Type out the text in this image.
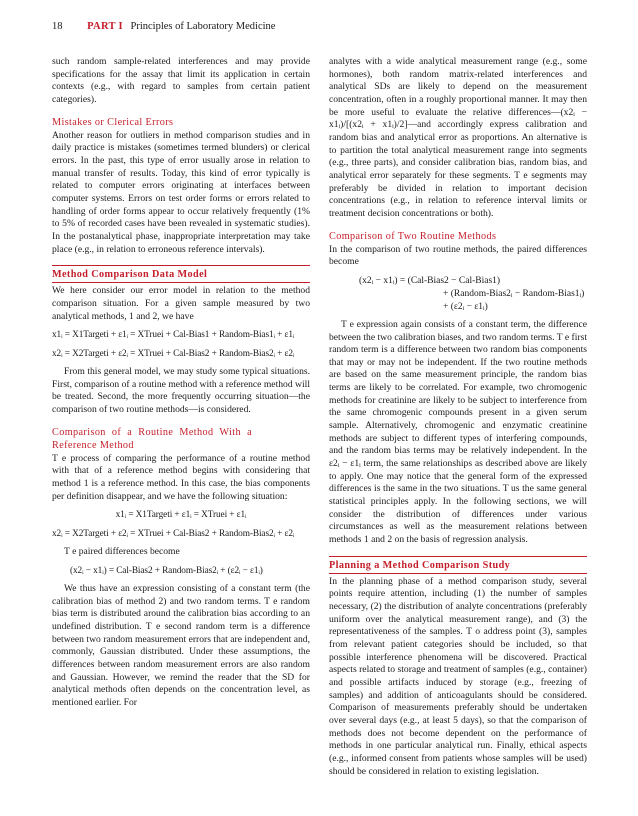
18 PART I Principles of Laboratory Medicine

such random sample-related interferences and may provide specifications for the assay that limit its application in certain contexts (e.g., with regard to samples from certain patient categories).

Mistakes or Clerical Errors

Another reason for outliers in method comparison studies and in daily practice is mistakes (sometimes termed blunders) or clerical errors. In the past, this type of error usually arose in relation to manual transfer of results. Today, this kind of error typically is related to computer errors originating at interfaces between computer systems. Errors on test order forms or errors related to handling of order forms appear to occur relatively frequently (1% to 5% of recorded cases have been revealed in systematic studies). In the postanalytical phase, inappropriate interpretation may take place (e.g., in relation to erroneous reference intervals).

Method Comparison Data Model

We here consider our error model in relation to the method comparison situation. For a given sample measured by two analytical methods, 1 and 2, we have

x1ᵢ = X1Targeti + ε1ᵢ = XTruei + Cal-Bias1 + Random-Bias1ᵢ + ε1ᵢ
x2ᵢ = X2Targeti + ε2ᵢ = XTruei + Cal-Bias2 + Random-Bias2ᵢ + ε2ᵢ

From this general model, we may study some typical situations. First, comparison of a routine method with a reference method will be treated. Second, the more frequently occurring situation—the comparison of two routine methods—is considered.

Comparison of a Routine Method With a Reference Method

T e process of comparing the performance of a routine method with that of a reference method begins with considering that method 1 is a reference method. In this case, the bias components per definition disappear, and we have the following situation:

x1ᵢ = X1Targeti + ε1ᵢ = XTruei + ε1ᵢ
x2ᵢ = X2Targeti + ε2ᵢ = XTruei + Cal-Bias2 + Random-Bias2ᵢ + ε2ᵢ

T e paired differences become

(x2ᵢ − x1ᵢ) = Cal-Bias2 + Random-Bias2ᵢ + (ε2ᵢ − ε1ᵢ)

We thus have an expression consisting of a constant term (the calibration bias of method 2) and two random terms. T e random bias term is distributed around the calibration bias according to an undefined distribution. T e second random term is a difference between two random measurement errors that are independent and, commonly, Gaussian distributed. Under these assumptions, the differences between random measurement errors are also random and Gaussian. However, we remind the reader that the SD for analytical methods often depends on the concentration level, as mentioned earlier. For

analytes with a wide analytical measurement range (e.g., some hormones), both random matrix-related interferences and analytical SDs are likely to depend on the measurement concentration, often in a roughly proportional manner. It may then be more useful to evaluate the relative differences—(x2ᵢ − x1ᵢ)/[(x2ᵢ + x1ᵢ)/2]—and accordingly express calibration and random bias and analytical error as proportions. An alternative is to partition the total analytical measurement range into segments (e.g., three parts), and consider calibration bias, random bias, and analytical error separately for these segments. T e segments may preferably be divided in relation to important decision concentrations (e.g., in relation to reference interval limits or treatment decision concentrations or both).

Comparison of Two Routine Methods

In the comparison of two routine methods, the paired differences become

(x2ᵢ − x1ᵢ) = (Cal-Bias2 − Cal-Bias1)
+ (Random-Bias2ᵢ − Random-Bias1ᵢ)
+ (ε2ᵢ − ε1ᵢ)

T e expression again consists of a constant term, the difference between the two calibration biases, and two random terms. T e first random term is a difference between two random bias components that may or may not be independent. If the two routine methods are based on the same measurement principle, the random bias terms are likely to be correlated. For example, two chromogenic methods for creatinine are likely to be subject to interference from the same chromogenic compounds present in a given serum sample. Alternatively, chromogenic and enzymatic creatinine methods are subject to different types of interfering compounds, and the random bias terms may be relatively independent. In the ε2ᵢ − ε1ᵢ term, the same relationships as described above are likely to apply. One may notice that the general form of the expressed differences is the same in the two situations. T us the same general statistical principles apply. In the following sections, we will consider the distribution of differences under various circumstances as well as the measurement relations between methods 1 and 2 on the basis of regression analysis.

Planning a Method Comparison Study

In the planning phase of a method comparison study, several points require attention, including (1) the number of samples necessary, (2) the distribution of analyte concentrations (preferably uniform over the analytical measurement range), and (3) the representativeness of the samples. T o address point (3), samples from relevant patient categories should be included, so that possible interference phenomena will be discovered. Practical aspects related to storage and treatment of samples (e.g., container) and possible artifacts induced by storage (e.g., freezing of samples) and addition of anticoagulants should be considered. Comparison of measurements preferably should be undertaken over several days (e.g., at least 5 days), so that the comparison of methods does not become dependent on the performance of methods in one particular analytical run. Finally, ethical aspects (e.g., informed consent from patients whose samples will be used) should be considered in relation to existing legislation.
